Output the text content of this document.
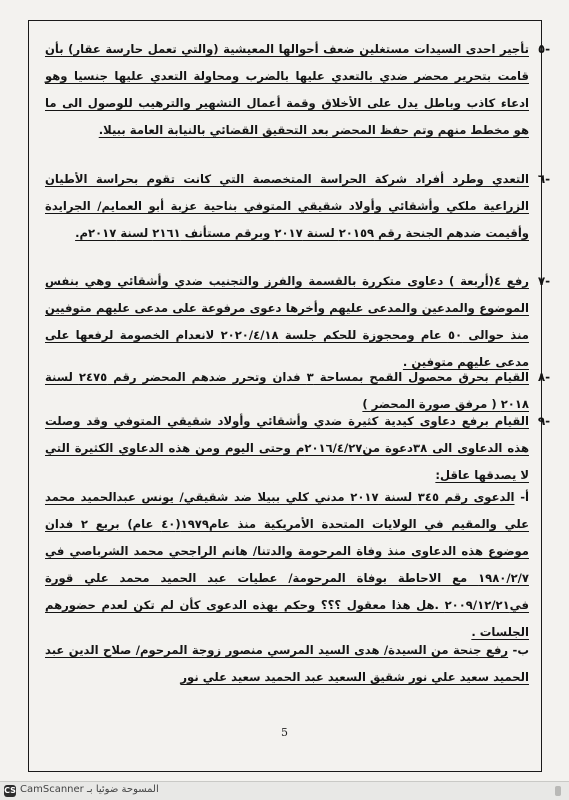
-٥
تأجير احدى السيدات مستغلين ضعف أحوالها المعيشية (والتي تعمل حارسة عقار) بأن قامت بتحرير محضر ضدي بالتعدي عليها بالضرب ومحاولة التعدي عليها جنسيا وهو ادعاء كاذب وباطل يدل على الأخلاق وقمة أعمال التشهير والترهيب للوصول الى ما هو مخطط منهم وتم حفظ المحضر بعد التحقيق القضائي بالنيابة العامة ببيلا.
-٦
التعدي وطرد أفراد شركة الحراسة المتخصصة التي كانت تقوم بحراسة الأطيان الزراعية ملكي وأشقائي وأولاد شقيقي المتوفي بناحية عزبة أبو العمايم/ الجرايدة وأقيمت ضدهم الجنحة رقم ٢٠١٥٩ لسنة ٢٠١٧ وبرقم مستأنف ٢١٦١ لسنة ٢٠١٧م.
-٧
رفع ٤(أربعة ) دعاوى متكررة بالقسمة والفرز والتجنيب ضدي وأشقائي وهي بنفس الموضوع والمدعين والمدعى عليهم وأخرها دعوى مرفوعة على مدعى عليهم متوفيين منذ حوالى ٥٠ عام ومحجوزة للحكم جلسة ٢٠٢٠/٤/١٨ لانعدام الخصومة لرفعها على مدعى عليهم متوفين .
-٨
القيام بحرق محصول القمح بمساحة ٣ فدان وتحرر ضدهم المحضر رقم ٢٤٧٥ لسنة ٢٠١٨ ( مرفق صورة المحضر )
-٩
القيام برفع دعاوى كيدية كثيرة ضدي وأشقائي وأولاد شقيقي المتوفي وقد وصلت هذه الدعاوى الى ٣٨دعوة من٢٠١٦/٤/٢٧م وحتى اليوم ومن هذه الدعاوي الكثيرة التي لا يصدقها عاقل:
أ- الدعوى رقم ٣٤٥ لسنة ٢٠١٧ مدني كلي ببيلا ضد شقيقي/ يونس عبدالحميد محمد علي والمقيم في الولايات المتحدة الأمريكية منذ عام١٩٧٩(٤٠ عام) بريع ٢ فدان موضوع هذه الدعاوى منذ وفاة المرحومة والدتنا/ هانم الراجحي محمد الشرباصي في ١٩٨٠/٢/٧ مع الاحاطة بوفاة المرحومة/ عطيات عبد الحميد محمد علي قورة في٢٠٠٩/١٢/٢١ .هل هذا معقول ؟؟؟ وحكم بهذه الدعوى كأن لم تكن لعدم حضورهم الجلسات .
ب- رفع جنحة من السيدة/ هدى السيد المرسي منصور زوجة المرحوم/ صلاح الدين عبد الحميد سعيد علي نور شقيق السعيد عبد الحميد سعيد علي نور
5
CS المسوحة ضوئيا بـ CamScanner
